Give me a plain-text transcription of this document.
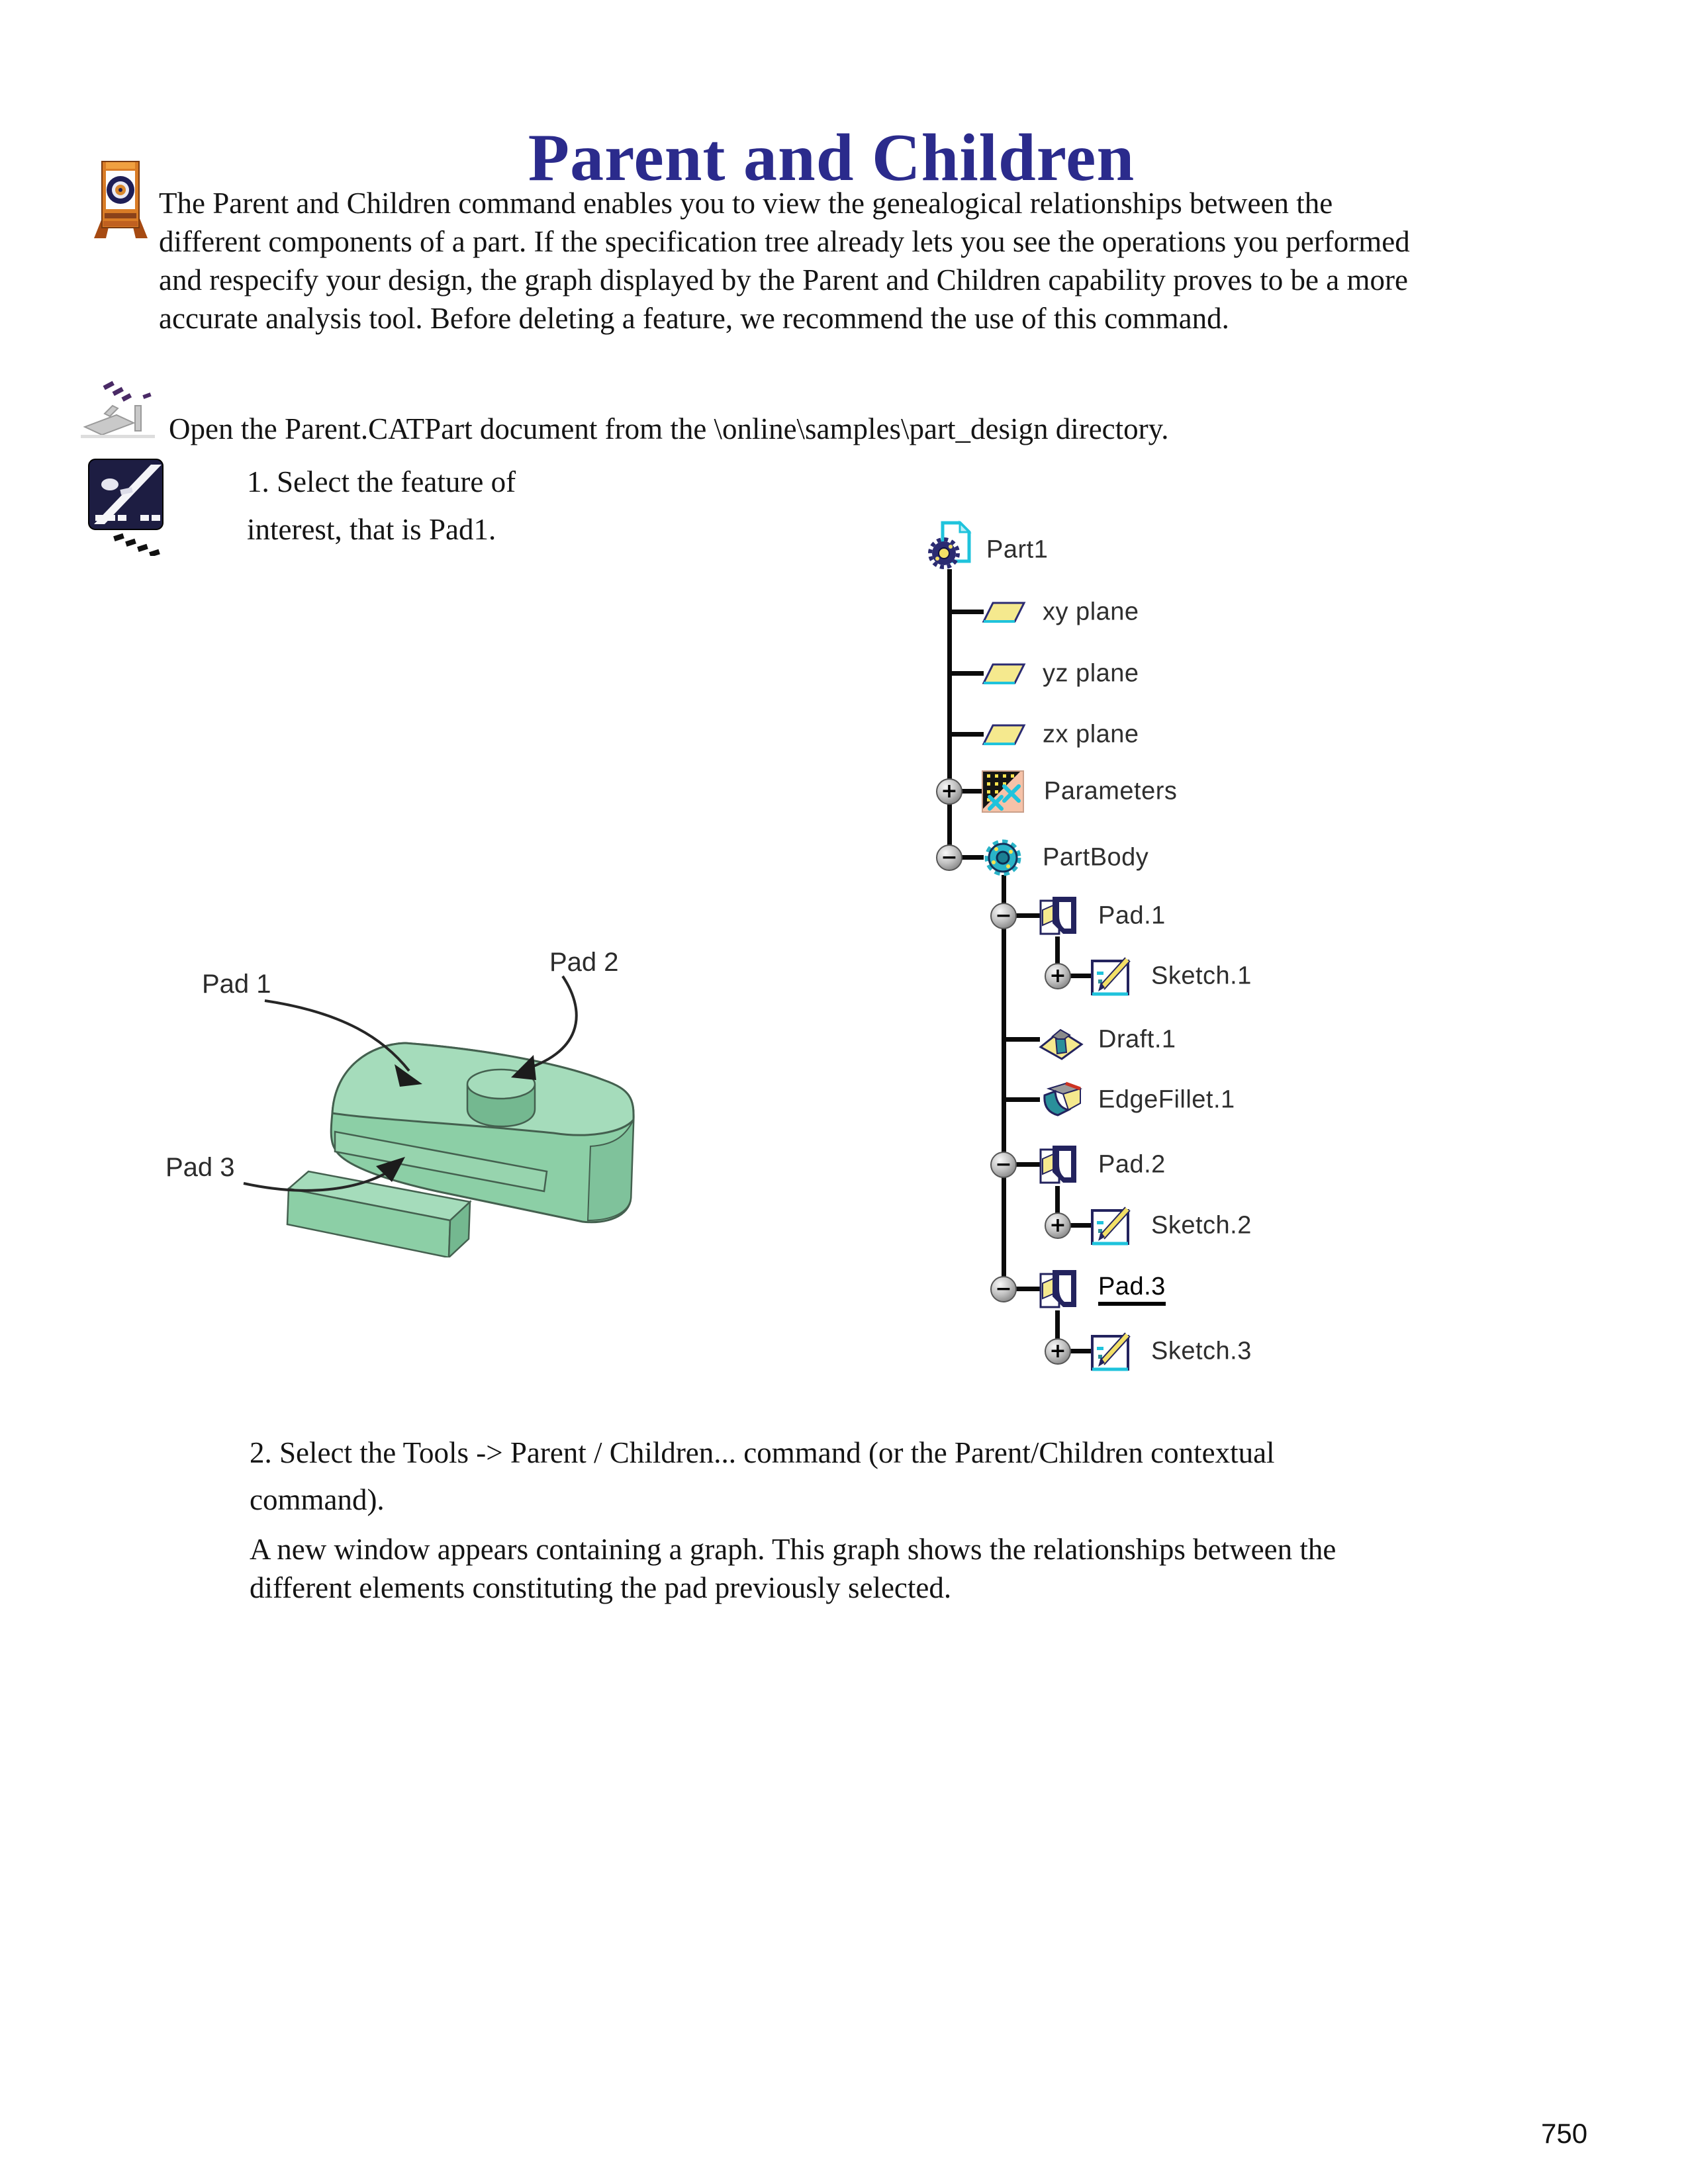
Parent and Children
The Parent and Children command enables you to view the genealogical relationships between the
different components of a part. If the specification tree already lets you see the operations you performed
and respecify your design, the graph displayed by the Parent and Children capability proves to be a more
accurate analysis tool. Before deleting a feature, we recommend the use of this command.
Open the Parent.CATPart document from the \online\samples\part_design directory.
1. Select the feature of
interest, that is Pad1.
Pad 1
Pad 2
Pad 3
+
−
−
+
−
+
−
+
Part1
xy plane
yz plane
zx plane
Parameters
PartBody
Pad.1
Sketch.1
Draft.1
EdgeFillet.1
Pad.2
Sketch.2
Pad.3
Sketch.3
2. Select the Tools -> Parent / Children... command (or the Parent/Children contextual
command).
A new window appears containing a graph. This graph shows the relationships between the
different elements constituting the pad previously selected.
750
